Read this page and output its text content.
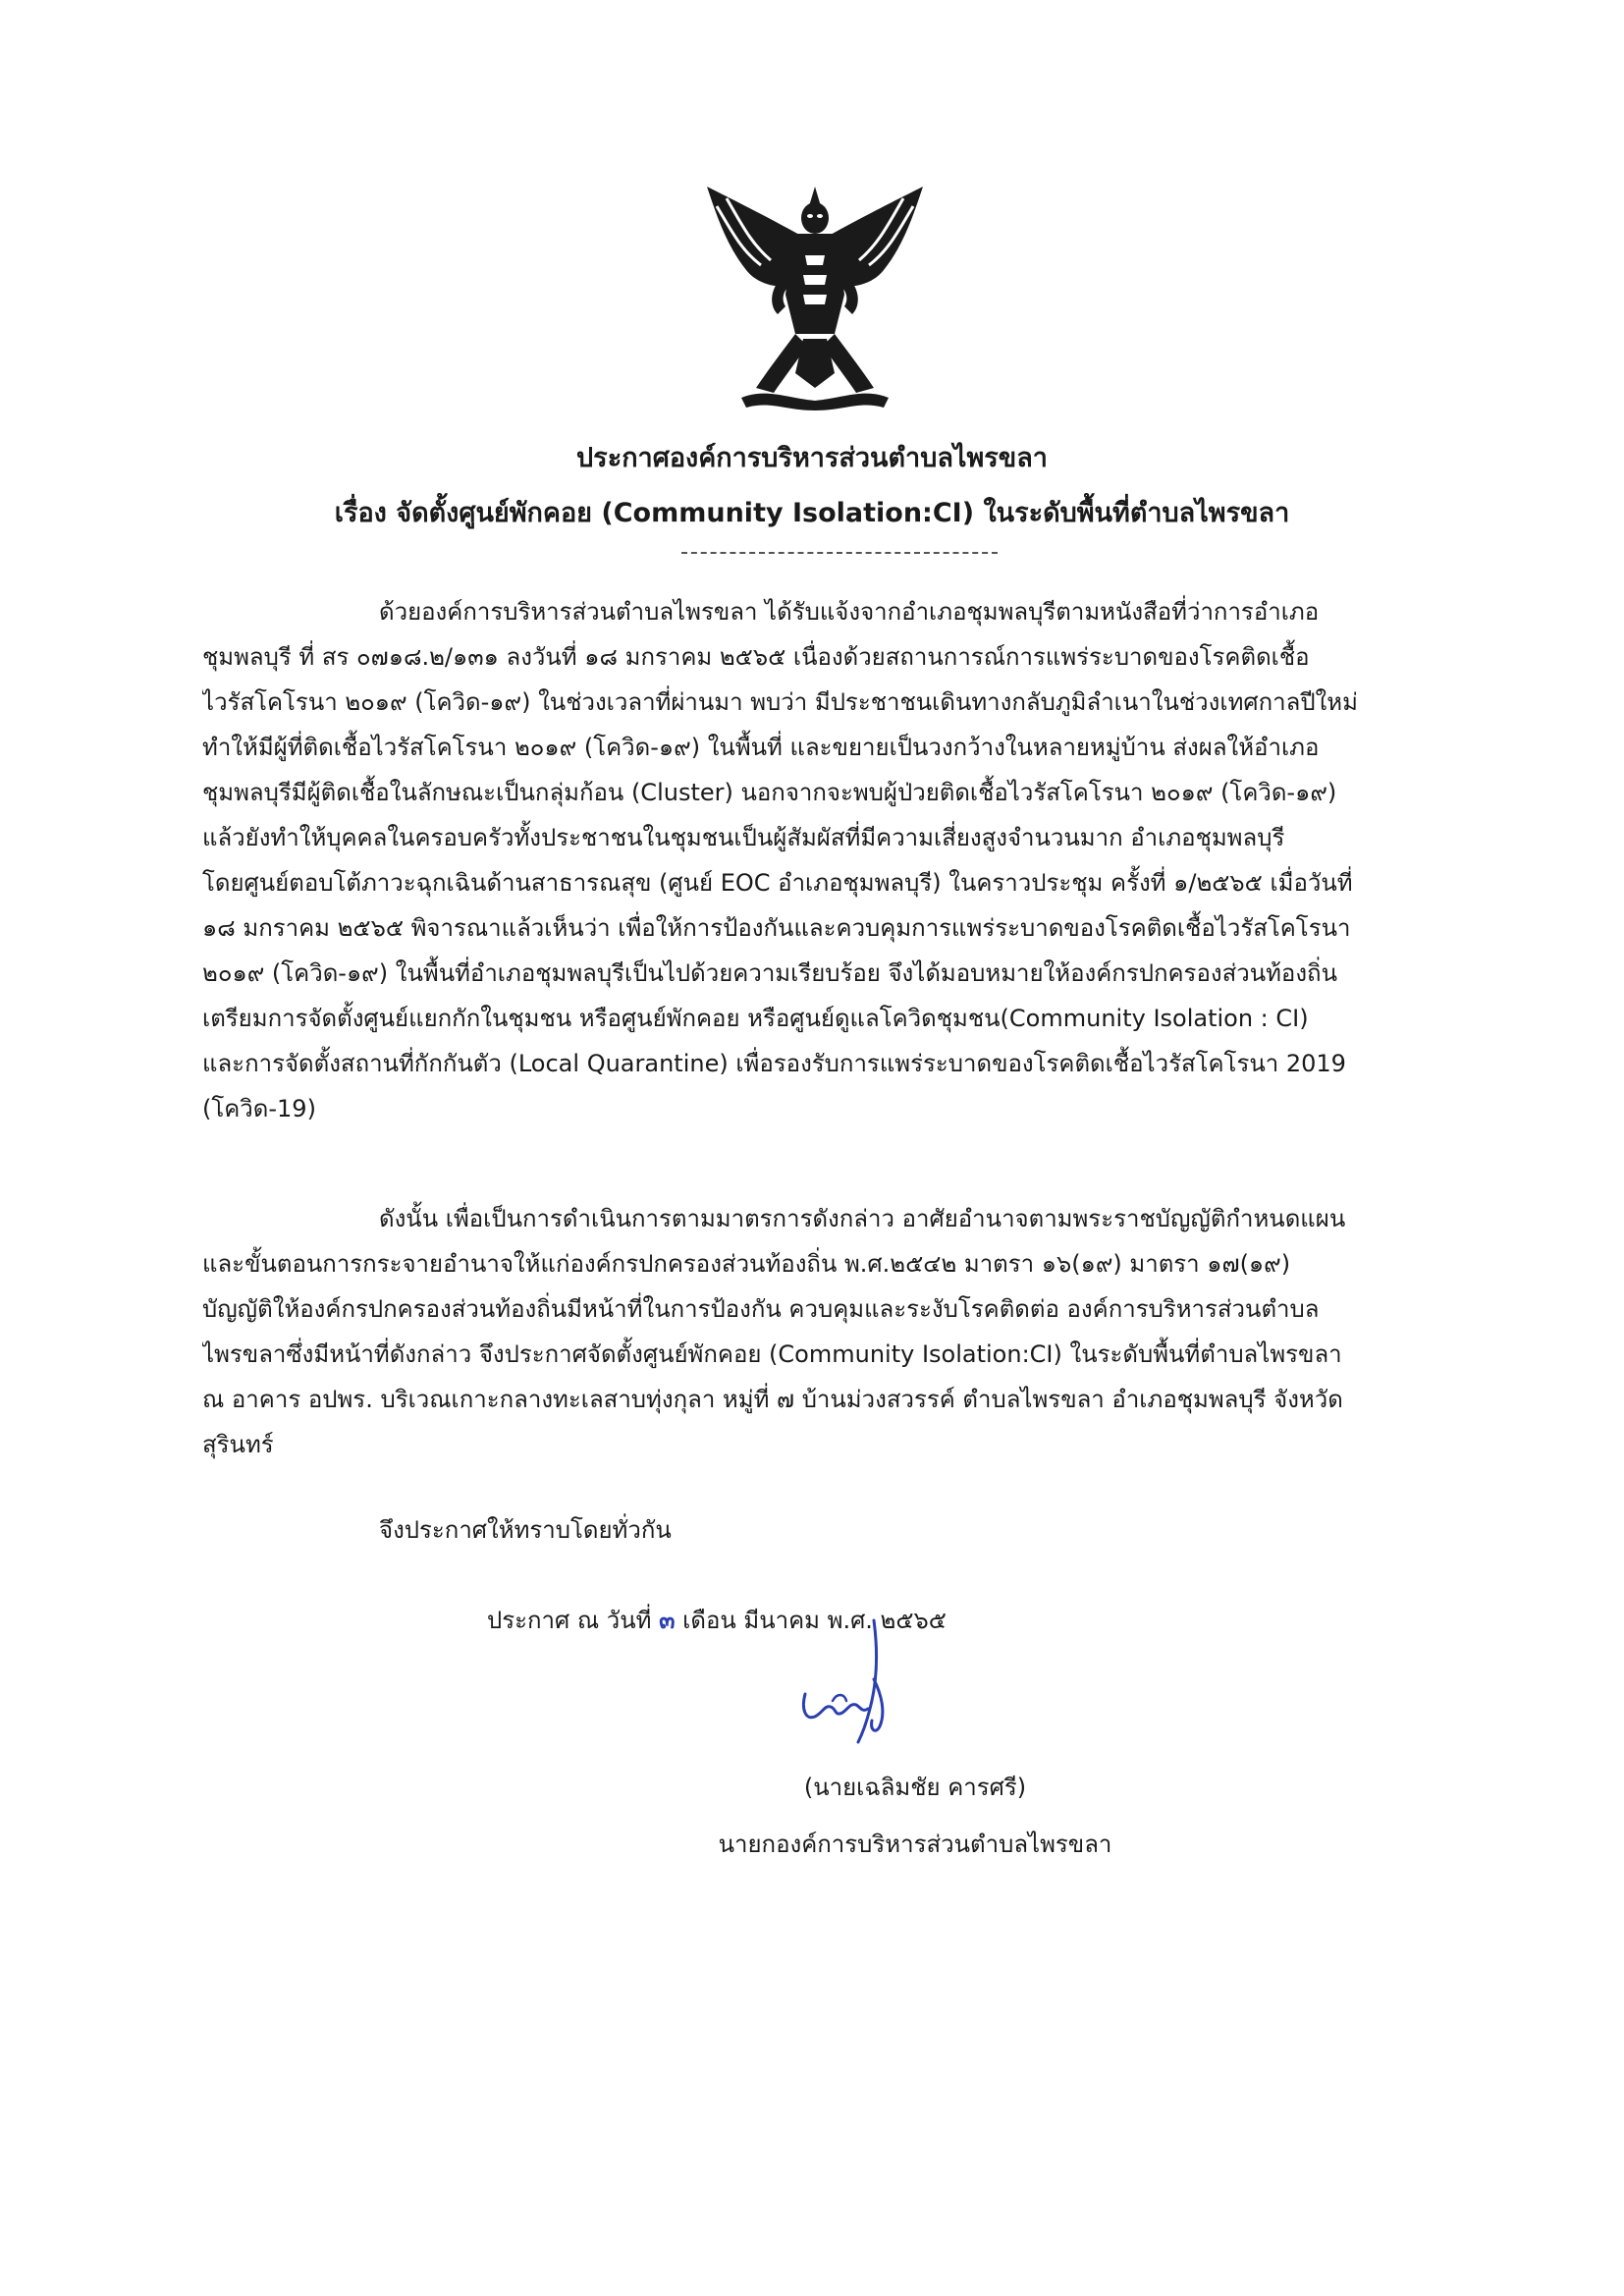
ประกาศองค์การบริหารส่วนตำบลไพรขลา
เรื่อง จัดตั้งศูนย์พักคอย (Community Isolation:CI) ในระดับพื้นที่ตำบลไพรขลา
ด้วยองค์การบริหารส่วนตำบลไพรขลา ได้รับแจ้งจากอำเภอชุมพลบุรีตามหนังสือที่ว่าการอำเภอ
ชุมพลบุรี ที่ สร ๐๗๑๘.๒/๑๓๑ ลงวันที่ ๑๘ มกราคม ๒๕๖๕ เนื่องด้วยสถานการณ์การแพร่ระบาดของโรคติดเชื้อ
ไวรัสโคโรนา ๒๐๑๙ (โควิด-๑๙) ในช่วงเวลาที่ผ่านมา พบว่า มีประชาชนเดินทางกลับภูมิลำเนาในช่วงเทศกาลปีใหม่
ทำให้มีผู้ที่ติดเชื้อไวรัสโคโรนา ๒๐๑๙ (โควิด-๑๙) ในพื้นที่ และขยายเป็นวงกว้างในหลายหมู่บ้าน ส่งผลให้อำเภอ
ชุมพลบุรีมีผู้ติดเชื้อในลักษณะเป็นกลุ่มก้อน (Cluster) นอกจากจะพบผู้ป่วยติดเชื้อไวรัสโคโรนา ๒๐๑๙ (โควิด-๑๙)
แล้วยังทำให้บุคคลในครอบครัวทั้งประชาชนในชุมชนเป็นผู้สัมผัสที่มีความเสี่ยงสูงจำนวนมาก อำเภอชุมพลบุรี
โดยศูนย์ตอบโต้ภาวะฉุกเฉินด้านสาธารณสุข (ศูนย์ EOC อำเภอชุมพลบุรี) ในคราวประชุม ครั้งที่ ๑/๒๕๖๕ เมื่อวันที่
๑๘ มกราคม ๒๕๖๕ พิจารณาแล้วเห็นว่า เพื่อให้การป้องกันและควบคุมการแพร่ระบาดของโรคติดเชื้อไวรัสโคโรนา
๒๐๑๙ (โควิด-๑๙) ในพื้นที่อำเภอชุมพลบุรีเป็นไปด้วยความเรียบร้อย จึงได้มอบหมายให้องค์กรปกครองส่วนท้องถิ่น
เตรียมการจัดตั้งศูนย์แยกกักในชุมชน หรือศูนย์พักคอย หรือศูนย์ดูแลโควิดชุมชน(Community Isolation : CI)
และการจัดตั้งสถานที่กักกันตัว (Local Quarantine) เพื่อรองรับการแพร่ระบาดของโรคติดเชื้อไวรัสโคโรนา 2019
(โควิด-19)
ดังนั้น เพื่อเป็นการดำเนินการตามมาตรการดังกล่าว อาศัยอำนาจตามพระราชบัญญัติกำหนดแผน
และขั้นตอนการกระจายอำนาจให้แก่องค์กรปกครองส่วนท้องถิ่น พ.ศ.๒๕๔๒ มาตรา ๑๖(๑๙) มาตรา ๑๗(๑๙)
บัญญัติให้องค์กรปกครองส่วนท้องถิ่นมีหน้าที่ในการป้องกัน ควบคุมและระงับโรคติดต่อ องค์การบริหารส่วนตำบล
ไพรขลาซึ่งมีหน้าที่ดังกล่าว จึงประกาศจัดตั้งศูนย์พักคอย (Community Isolation:CI) ในระดับพื้นที่ตำบลไพรขลา
ณ อาคาร อปพร. บริเวณเกาะกลางทะเลสาบทุ่งกุลา หมู่ที่ ๗ บ้านม่วงสวรรค์ ตำบลไพรขลา อำเภอชุมพลบุรี จังหวัด
สุรินทร์
จึงประกาศให้ทราบโดยทั่วกัน
ประกาศ ณ วันที่ ๓ เดือน มีนาคม พ.ศ. ๒๕๖๕
(นายเฉลิมชัย คารศรี)
นายกองค์การบริหารส่วนตำบลไพรขลา
